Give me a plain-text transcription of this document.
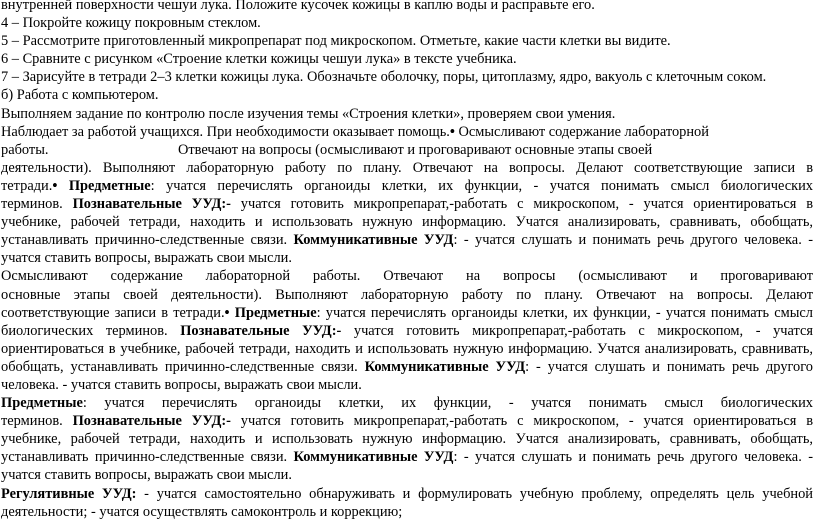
внутренней поверхности чешуи лука. Положите кусочек кожицы в каплю воды и расправьте его.
4 – Покройте кожицу покровным стеклом.
5 – Рассмотрите приготовленный микропрепарат под микроскопом. Отметьте, какие части клетки вы видите.
6 – Сравните с рисунком «Строение клетки кожицы чешуи лука» в тексте учебника.
7 – Зарисуйте в тетради 2–3 клетки кожицы лука. Обозначьте оболочку, поры, цитоплазму, ядро, вакуоль с клеточным соком.
б) Работа с компьютером.
Выполняем задание по контролю после изучения темы «Строения клетки», проверяем свои умения.
Наблюдает за работой учащихся. При необходимости оказывает помощь.• Осмысливают содержание лабораторной
работы.                                    Отвечают на вопросы (осмысливают и проговаривают основные этапы своей
деятельности). Выполняют лабораторную работу по плану. Отвечают на вопросы. Делают соответствующие записи в
тетради.• Предметные: учатся перечислять органоиды клетки, их функции, - учатся понимать смысл биологических
терминов. Познавательные УУД:- учатся готовить микропрепарат,-работать с микроскопом, - учатся ориентироваться в
учебнике, рабочей тетради, находить и использовать нужную информацию. Учатся анализировать, сравнивать, обобщать,
устанавливать причинно-следственные связи. Коммуникативные УУД: - учатся слушать и понимать речь другого человека. -
учатся ставить вопросы, выражать свои мысли.
Осмысливают содержание лабораторной работы. Отвечают на вопросы (осмысливают и проговаривают
основные этапы своей деятельности). Выполняют лабораторную работу по плану. Отвечают на вопросы. Делают
соответствующие записи в тетради.• Предметные: учатся перечислять органоиды клетки, их функции, - учатся понимать смысл
биологических терминов. Познавательные УУД:- учатся готовить микропрепарат,-работать с микроскопом, - учатся
ориентироваться в учебнике, рабочей тетради, находить и использовать нужную информацию. Учатся анализировать, сравнивать,
обобщать, устанавливать причинно-следственные связи. Коммуникативные УУД: - учатся слушать и понимать речь другого
человека. - учатся ставить вопросы, выражать свои мысли.
Предметные: учатся перечислять органоиды клетки, их функции, - учатся понимать смысл биологических
терминов. Познавательные УУД:- учатся готовить микропрепарат,-работать с микроскопом, - учатся ориентироваться в
учебнике, рабочей тетради, находить и использовать нужную информацию. Учатся анализировать, сравнивать, обобщать,
устанавливать причинно-следственные связи. Коммуникативные УУД: - учатся слушать и понимать речь другого человека. -
учатся ставить вопросы, выражать свои мысли.
Регулятивные УУД: - учатся самостоятельно обнаруживать и формулировать учебную проблему, определять цель учебной
деятельности; - учатся осуществлять самоконтроль и коррекцию;
